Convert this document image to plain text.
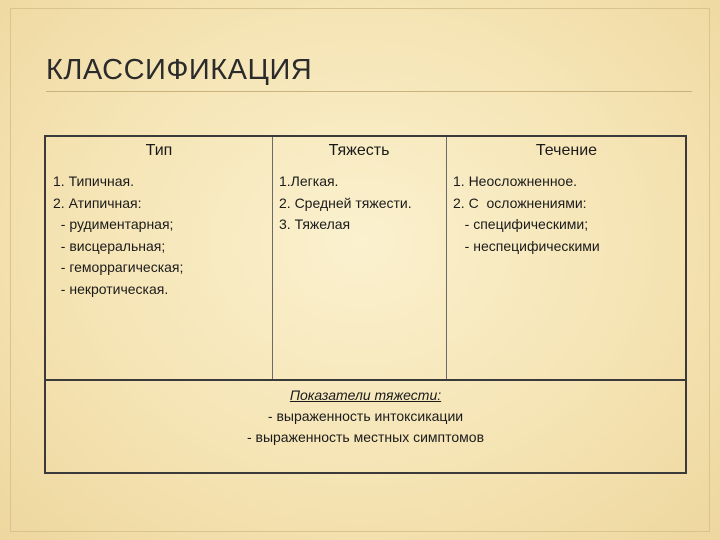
КЛАССИФИКАЦИЯ
Тип	Тяжесть	Течение
1. Типичная.
2. Атипичная:
- рудиментарная;
- висцеральная;
- геморрагическая;
- некротическая.
1.Легкая.
2. Средней тяжести.
3. Тяжелая
1. Неосложненное.
2. С  осложнениями:
- специфическими;
- неспецифическими
Показатели тяжести:
- выраженность интоксикации
- выраженность местных симптомов
